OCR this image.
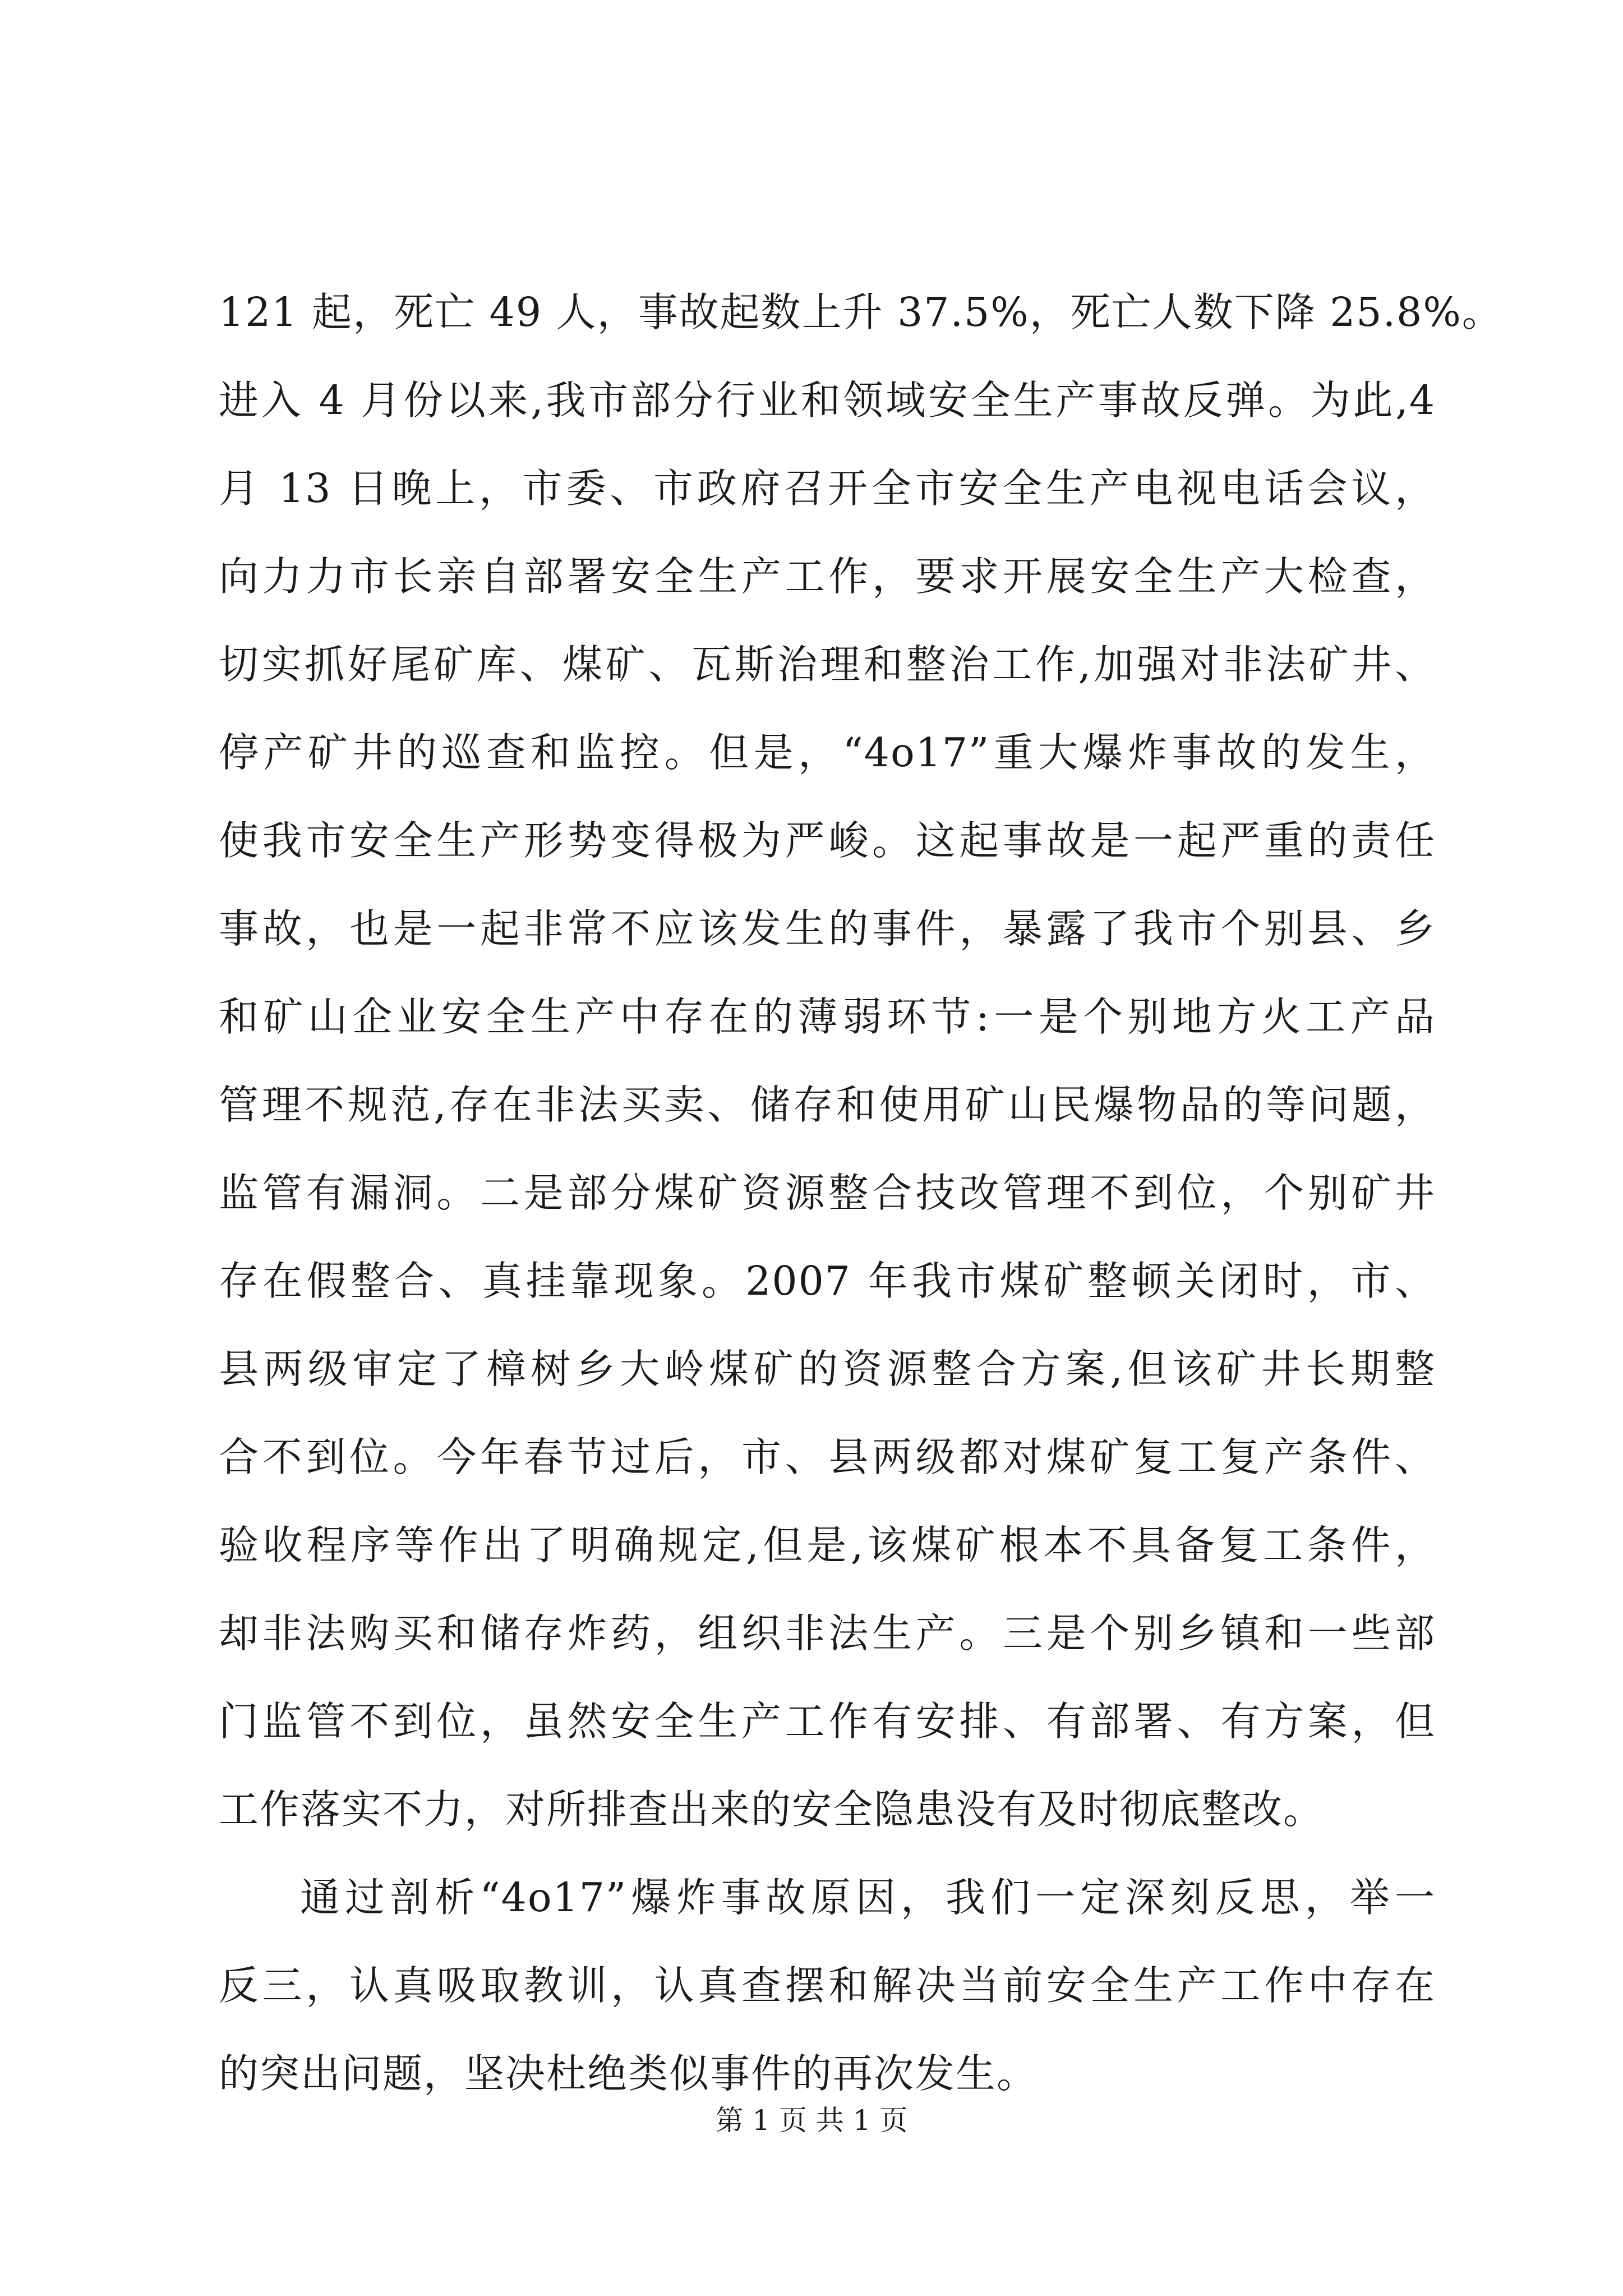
121 起，死亡 49 人，事故起数上升 37.5%，死亡人数下降 25.8%。
进入 4 月份以来,我市部分行业和领域安全生产事故反弹。为此,4
月 13 日晚上，市委、市政府召开全市安全生产电视电话会议，
向力力市长亲自部署安全生产工作，要求开展安全生产大检查，
切实抓好尾矿库、煤矿、瓦斯治理和整治工作,加强对非法矿井、
停产矿井的巡查和监控。但是，“4o17”重大爆炸事故的发生，
使我市安全生产形势变得极为严峻。这起事故是一起严重的责任
事故，也是一起非常不应该发生的事件，暴露了我市个别县、乡
和矿山企业安全生产中存在的薄弱环节:一是个别地方火工产品
管理不规范,存在非法买卖、储存和使用矿山民爆物品的等问题，
监管有漏洞。二是部分煤矿资源整合技改管理不到位，个别矿井
存在假整合、真挂靠现象。2007 年我市煤矿整顿关闭时，市、
县两级审定了樟树乡大岭煤矿的资源整合方案,但该矿井长期整
合不到位。今年春节过后，市、县两级都对煤矿复工复产条件、
验收程序等作出了明确规定,但是,该煤矿根本不具备复工条件，
却非法购买和储存炸药，组织非法生产。三是个别乡镇和一些部
门监管不到位，虽然安全生产工作有安排、有部署、有方案，但
工作落实不力，对所排查出来的安全隐患没有及时彻底整改。
通过剖析“4o17”爆炸事故原因，我们一定深刻反思，举一
反三，认真吸取教训，认真查摆和解决当前安全生产工作中存在
的突出问题，坚决杜绝类似事件的再次发生。
第 1 页 共 1 页
